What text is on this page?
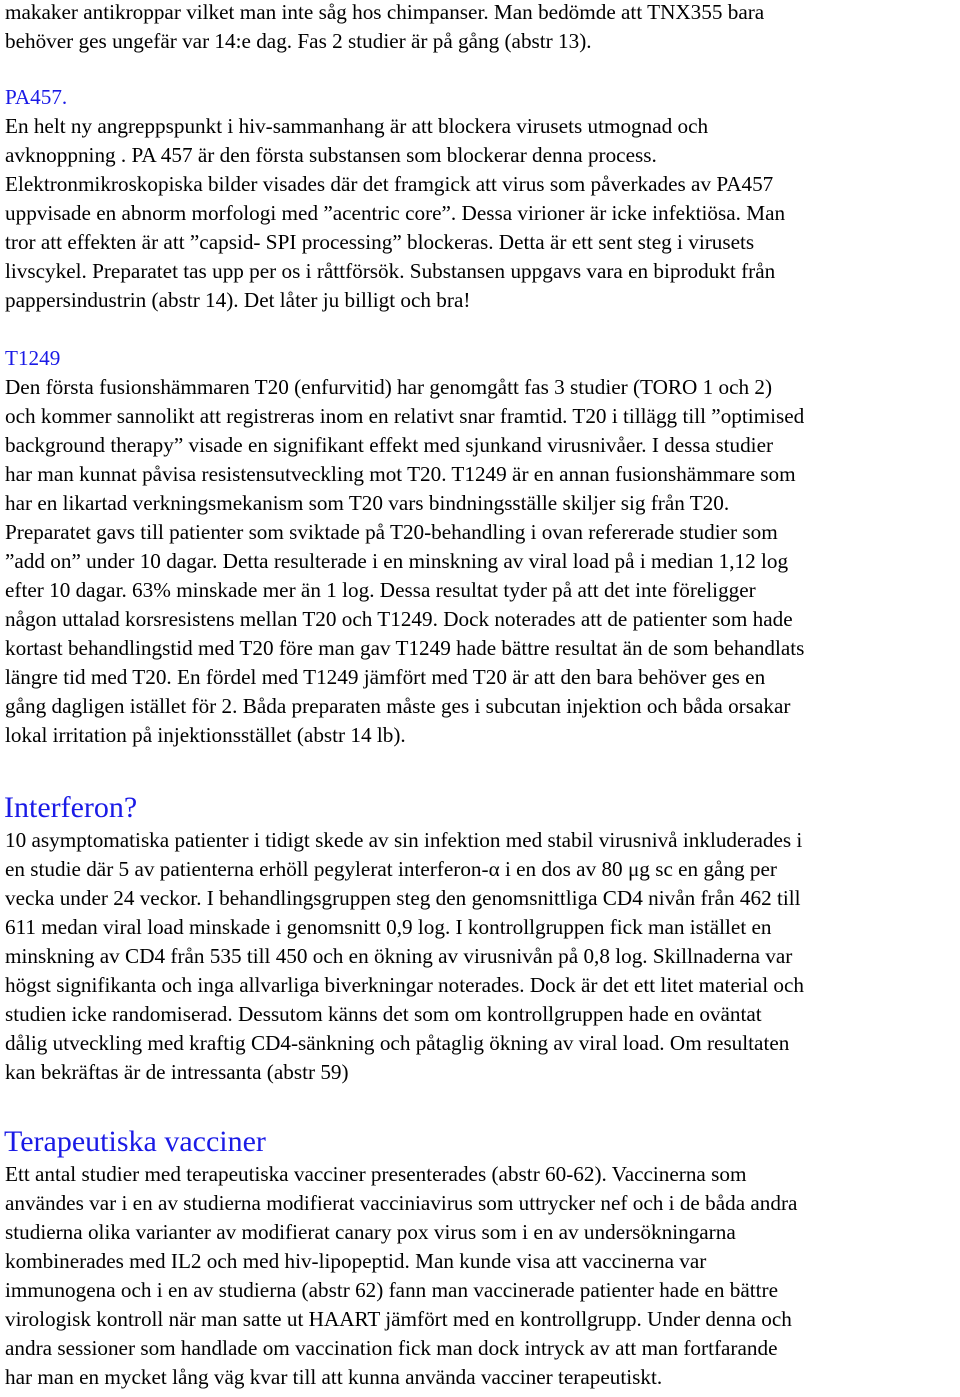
makaker antikroppar vilket man inte såg hos chimpanser. Man bedömde att TNX355 bara
behöver ges ungefär var 14:e dag. Fas 2 studier är på gång (abstr 13).
PA457.
En helt ny angreppspunkt i hiv-sammanhang är att blockera virusets utmognad och
avknoppning . PA 457 är den första substansen som blockerar denna process.
Elektronmikroskopiska bilder visades där det framgick att virus som påverkades av PA457
uppvisade en abnorm morfologi med ”acentric core”. Dessa virioner är icke infektiösa. Man
tror att effekten är att ”capsid- SPI processing” blockeras. Detta är ett sent steg i virusets
livscykel. Preparatet tas upp per os i råttförsök. Substansen uppgavs vara en biprodukt från
pappersindustrin (abstr 14). Det låter ju billigt och bra!
T1249
Den första fusionshämmaren T20 (enfurvitid) har genomgått fas 3 studier (TORO 1 och 2)
och kommer sannolikt att registreras inom en relativt snar framtid. T20 i tillägg till ”optimised
background therapy” visade en signifikant effekt med sjunkand virusnivåer. I dessa studier
har man kunnat påvisa resistensutveckling mot T20. T1249 är en annan fusionshämmare som
har en likartad verkningsmekanism som T20 vars bindningsställe skiljer sig från T20.
Preparatet gavs till patienter som sviktade på T20-behandling i ovan refererade studier som
”add on” under 10 dagar. Detta resulterade i en minskning av viral load på i median 1,12 log
efter 10 dagar. 63% minskade mer än 1 log. Dessa resultat tyder på att det inte föreligger
någon uttalad korsresistens mellan T20 och T1249. Dock noterades att de patienter som hade
kortast behandlingstid med T20 före man gav T1249 hade bättre resultat än de som behandlats
längre tid med T20. En fördel med T1249 jämfört med T20 är att den bara behöver ges en
gång dagligen istället för 2. Båda preparaten måste ges i subcutan injektion och båda orsakar
lokal irritation på injektionsstället (abstr 14 lb).
Interferon?
10 asymptomatiska patienter i tidigt skede av sin infektion med stabil virusnivå inkluderades i
en studie där 5 av patienterna erhöll pegylerat interferon-α i en dos av 80 μg sc en gång per
vecka under 24 veckor. I behandlingsgruppen steg den genomsnittliga CD4 nivån från 462 till
611 medan viral load minskade i genomsnitt 0,9 log. I kontrollgruppen fick man istället en
minskning av CD4 från 535 till 450 och en ökning av virusnivån på 0,8 log. Skillnaderna var
högst signifikanta och inga allvarliga biverkningar noterades. Dock är det ett litet material och
studien icke randomiserad. Dessutom känns det som om kontrollgruppen hade en oväntat
dålig utveckling med kraftig CD4-sänkning och påtaglig ökning av viral load. Om resultaten
kan bekräftas är de intressanta (abstr 59)
Terapeutiska vacciner
Ett antal studier med terapeutiska vacciner presenterades (abstr 60-62). Vaccinerna som
användes var i en av studierna modifierat vacciniavirus som uttrycker nef och i de båda andra
studierna olika varianter av modifierat canary pox virus som i en av undersökningarna
kombinerades med IL2 och med hiv-lipopeptid. Man kunde visa att vaccinerna var
immunogena och i en av studierna (abstr 62) fann man vaccinerade patienter hade en bättre
virologisk kontroll när man satte ut HAART jämfört med en kontrollgrupp. Under denna och
andra sessioner som handlade om vaccination fick man dock intryck av att man fortfarande
har man en mycket lång väg kvar till att kunna använda vacciner terapeutiskt.
